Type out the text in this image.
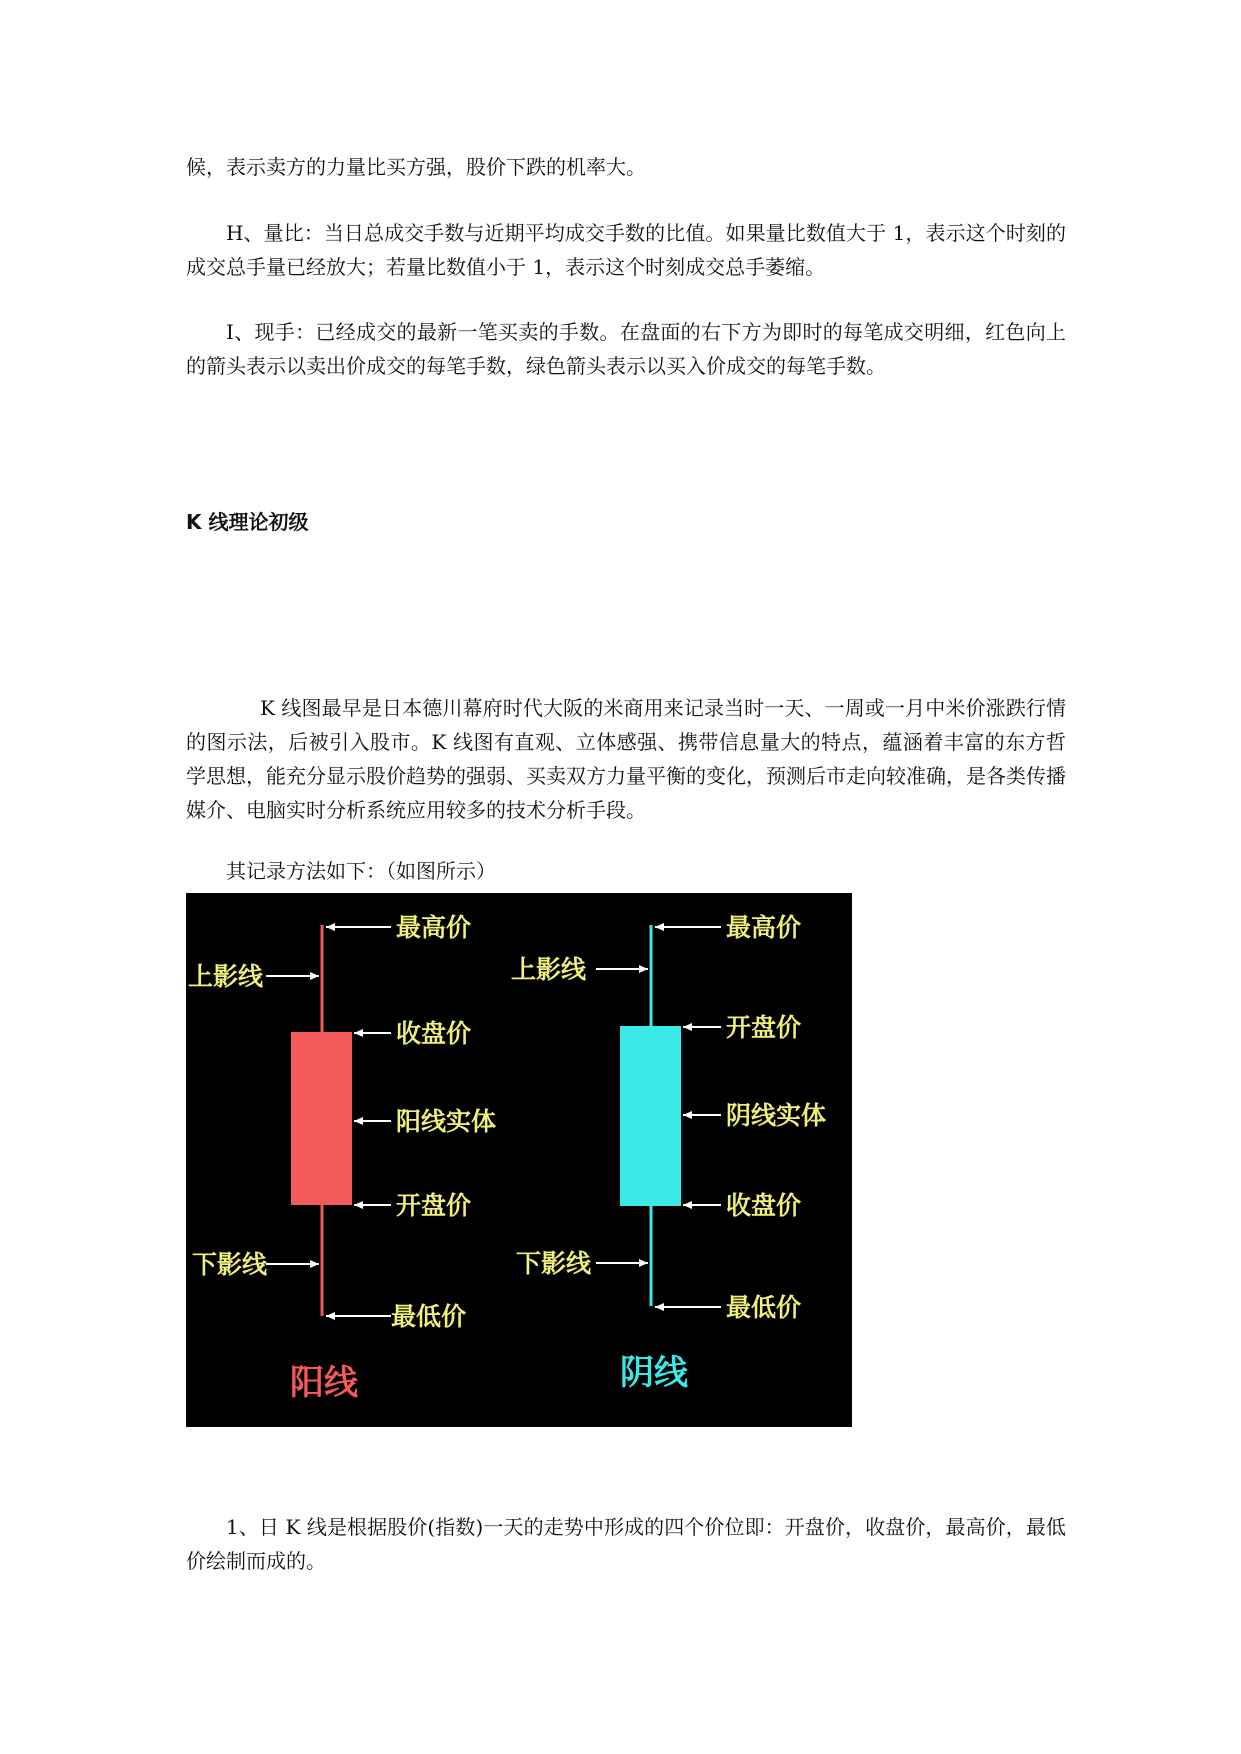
候，表示卖方的力量比买方强，股价下跌的机率大。

H、量比：当日总成交手数与近期平均成交手数的比值。如果量比数值大于 1，表示这个时刻的成交总手量已经放大；若量比数值小于 1，表示这个时刻成交总手萎缩。

I、现手：已经成交的最新一笔买卖的手数。在盘面的右下方为即时的每笔成交明细，红色向上的箭头表示以卖出价成交的每笔手数，绿色箭头表示以买入价成交的每笔手数。

K 线理论初级

K 线图最早是日本德川幕府时代大阪的米商用来记录当时一天、一周或一月中米价涨跌行情的图示法，后被引入股市。K 线图有直观、立体感强、携带信息量大的特点，蕴涵着丰富的东方哲学思想，能充分显示股价趋势的强弱、买卖双方力量平衡的变化，预测后市走向较准确，是各类传播媒介、电脑实时分析系统应用较多的技术分析手段。

其记录方法如下：（如图所示）

最高价
上影线
收盘价
阳线实体
开盘价
下影线
最低价
阳线
最高价
上影线
开盘价
阴线实体
收盘价
下影线
最低价
阴线

1、日 K 线是根据股价(指数)一天的走势中形成的四个价位即：开盘价，收盘价，最高价，最低价绘制而成的。
